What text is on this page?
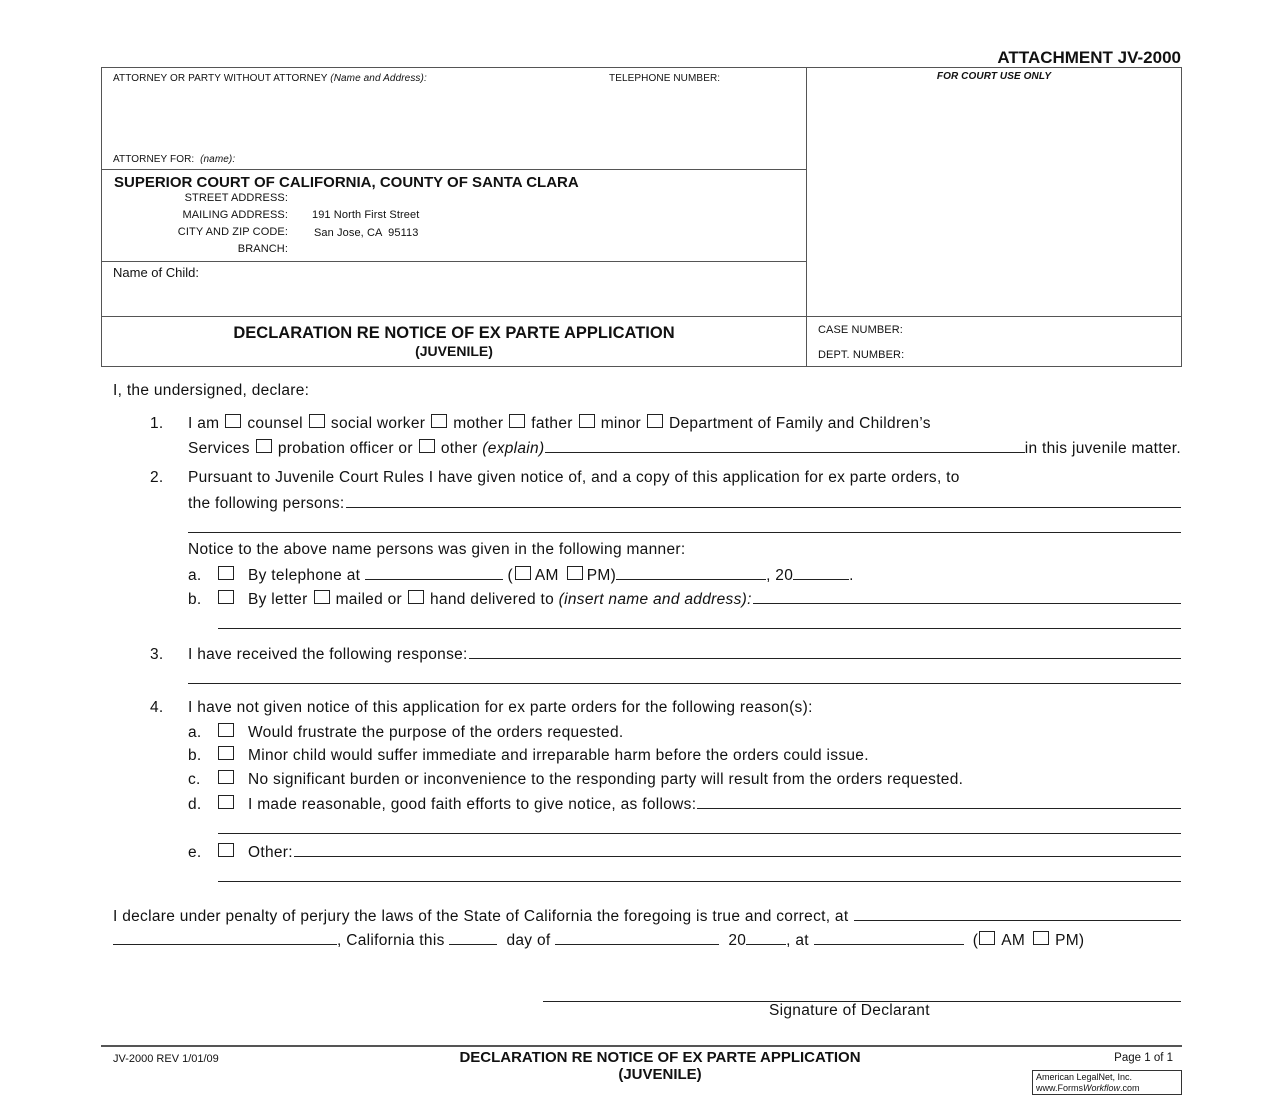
ATTACHMENT JV-2000
ATTORNEY OR PARTY WITHOUT ATTORNEY (Name and Address):	TELEPHONE NUMBER:
ATTORNEY FOR: (name):
FOR COURT USE ONLY
SUPERIOR COURT OF CALIFORNIA, COUNTY OF SANTA CLARA
STREET ADDRESS:
MAILING ADDRESS: 191 North First Street
CITY AND ZIP CODE: San Jose, CA  95113
BRANCH:
Name of Child:
DECLARATION RE NOTICE OF EX PARTE APPLICATION
(JUVENILE)
CASE NUMBER:
DEPT. NUMBER:
I, the undersigned, declare:
1.	I am counsel social worker mother father minor Department of Family and Children’s
Services probation officer or other
(explain)	in this juvenile matter.
2.	Pursuant to Juvenile Court Rules I have given notice of, and a copy of this application for ex parte orders, to
the following persons:
Notice to the above name persons was given in the following manner:
a.	By telephone at

	( AM PM)	, 20	.
b.	By letter mailed or hand delivered to
(insert name and address):
3.	I have received the following response:
4.	I have not given notice of this application for ex parte orders for the following reason(s):
a.	Would frustrate the purpose of the orders requested.
b.	Minor child would suffer immediate and irreparable harm before the orders could issue.
c.	No significant burden or inconvenience to the responding party will result from the orders requested.
d.	I made reasonable, good faith efforts to give notice, as follows:
e.	Other:
I declare under penalty of perjury the laws of the State of California the foregoing is true and correct, at

, California this

	day of

	20	, at

	( AM PM)
Signature of Declarant
JV-2000 REV 1/01/09	DECLARATION RE NOTICE OF EX PARTE APPLICATION
(JUVENILE)
Page 1 of 1
American LegalNet, Inc.
www.FormsWorkflow.com
